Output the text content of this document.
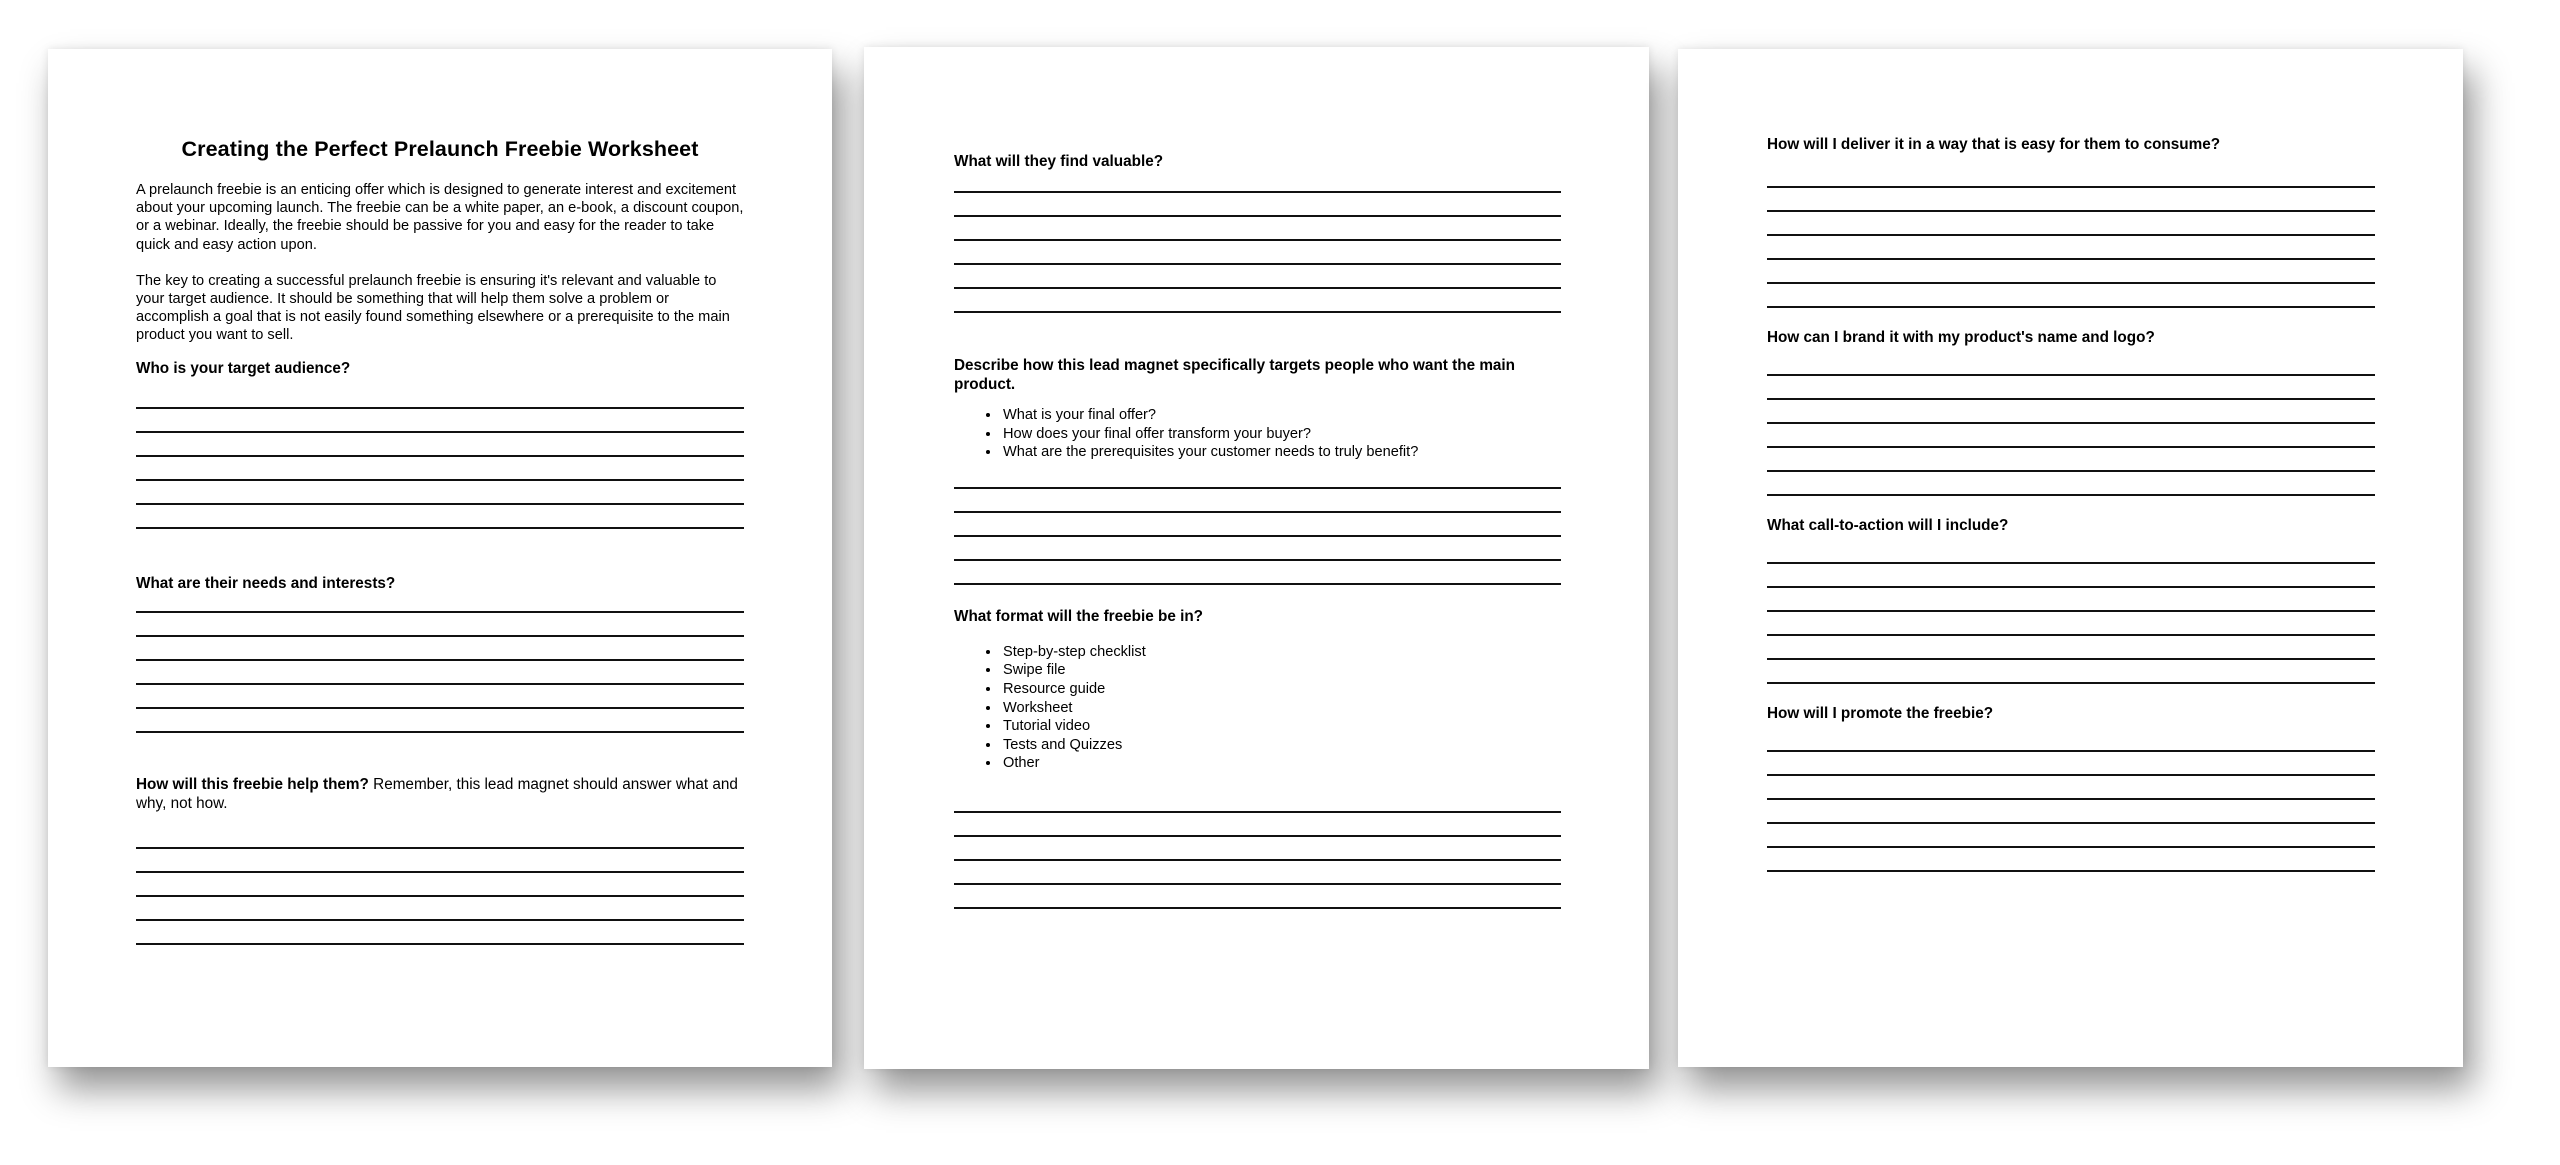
Creating the Perfect Prelaunch Freebie Worksheet

A prelaunch freebie is an enticing offer which is designed to generate interest and excitement about your upcoming launch. The freebie can be a white paper, an e-book, a discount coupon, or a webinar. Ideally, the freebie should be passive for you and easy for the reader to take quick and easy action upon.

The key to creating a successful prelaunch freebie is ensuring it's relevant and valuable to your target audience. It should be something that will help them solve a problem or accomplish a goal that is not easily found something elsewhere or a prerequisite to the main product you want to sell.

Who is your target audience?
What are their needs and interests?
How will this freebie help them? Remember, this lead magnet should answer what and why, not how.
What will they find valuable?
Describe how this lead magnet specifically targets people who want the main product.
• What is your final offer?
• How does your final offer transform your buyer?
• What are the prerequisites your customer needs to truly benefit?
What format will the freebie be in?
• Step-by-step checklist
• Swipe file
• Resource guide
• Worksheet
• Tutorial video
• Tests and Quizzes
• Other
How will I deliver it in a way that is easy for them to consume?
How can I brand it with my product's name and logo?
What call-to-action will I include?
How will I promote the freebie?
